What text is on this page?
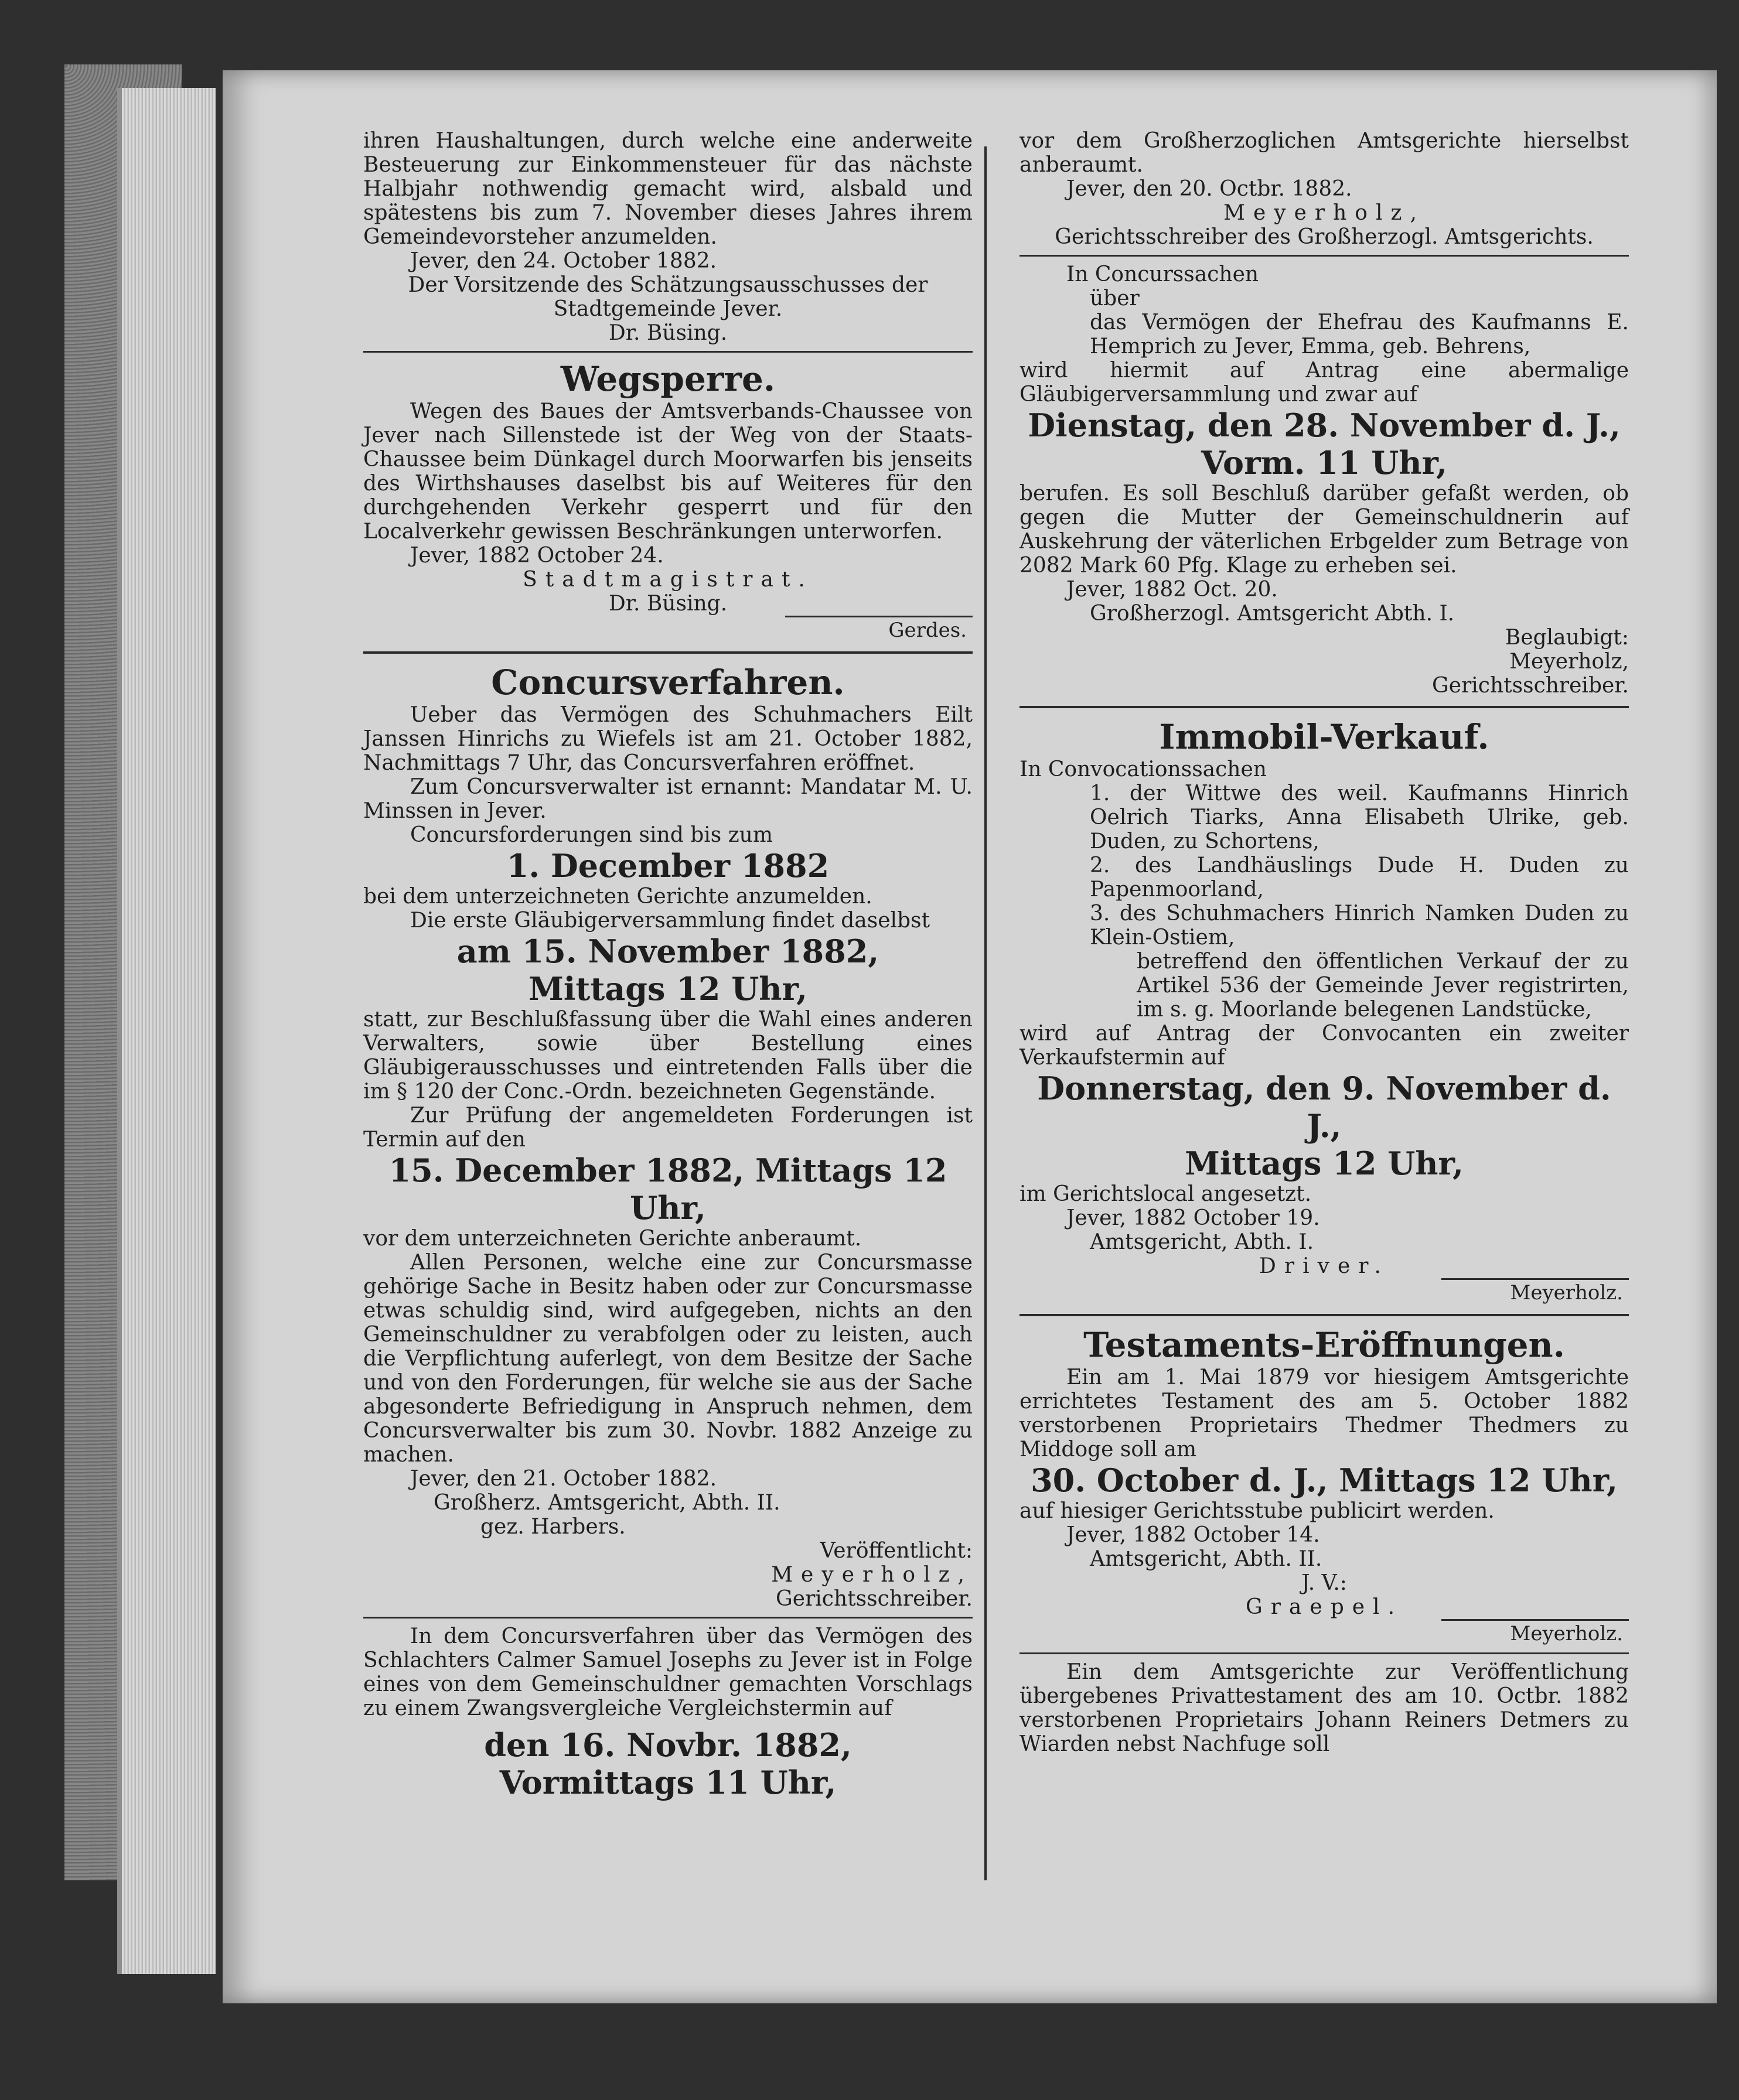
ihren Haushaltungen, durch welche eine anderweite Besteuerung zur Einkommensteuer für das nächste Halbjahr nothwendig gemacht wird, alsbald und spätestens bis zum 7. November dieses Jahres ihrem Gemeindevorsteher anzumelden.

Jever, den 24. October 1882.

Der Vorsitzende des Schätzungsausschusses der

Stadtgemeinde Jever.

Dr. Büsing.

Wegsperre.

Wegen des Baues der Amtsverbands-Chaussee von Jever nach Sillenstede ist der Weg von der Staats-Chaussee beim Dünkagel durch Moorwarfen bis jenseits des Wirthshauses daselbst bis auf Weiteres für den durchgehenden Verkehr gesperrt und für den Localverkehr gewissen Beschränkungen unterworfen.

Jever, 1882 October 24.

Stadtmagistrat.

Dr. Büsing.

Gerdes.
Concursverfahren.

Ueber das Vermögen des Schuhmachers Eilt Janssen Hinrichs zu Wiefels ist am 21. October 1882, Nachmittags 7 Uhr, das Concursverfahren eröffnet.

Zum Concursverwalter ist ernannt: Mandatar M. U. Minssen in Jever.

Concursforderungen sind bis zum

1. December 1882

bei dem unterzeichneten Gerichte anzumelden.

Die erste Gläubigerversammlung findet daselbst

am 15. November 1882,
Mittags 12 Uhr,

statt, zur Beschlußfassung über die Wahl eines anderen Verwalters, sowie über Bestellung eines Gläubigerausschusses und eintretenden Falls über die im § 120 der Conc.-Ordn. bezeichneten Gegenstände.

Zur Prüfung der angemeldeten Forderungen ist Termin auf den

15. December 1882, Mittags 12 Uhr,

vor dem unterzeichneten Gerichte anberaumt.

Allen Personen, welche eine zur Concursmasse gehörige Sache in Besitz haben oder zur Concursmasse etwas schuldig sind, wird aufgegeben, nichts an den Gemeinschuldner zu verabfolgen oder zu leisten, auch die Verpflichtung auferlegt, von dem Besitze der Sache und von den Forderungen, für welche sie aus der Sache abgesonderte Befriedigung in Anspruch nehmen, dem Concursverwalter bis zum 30. Novbr. 1882 Anzeige zu machen.

Jever, den 21. October 1882.

Großherz. Amtsgericht, Abth. II.

gez. Harbers.

Veröffentlicht:

Meyerholz,

Gerichtsschreiber.

In dem Concursverfahren über das Vermögen des Schlachters Calmer Samuel Josephs zu Jever ist in Folge eines von dem Gemeinschuldner gemachten Vorschlags zu einem Zwangsvergleiche Vergleichstermin auf

den 16. Novbr. 1882,
Vormittags 11 Uhr,

vor dem Großherzoglichen Amtsgerichte hierselbst anberaumt.

Jever, den 20. Octbr. 1882.

Meyerholz,

Gerichtsschreiber des Großherzogl. Amtsgerichts.

In Concurssachen

über

das Vermögen der Ehefrau des Kaufmanns E. Hemprich zu Jever, Emma, geb. Behrens,

wird hiermit auf Antrag eine abermalige Gläubigerversammlung und zwar auf

Dienstag, den 28. November d. J.,
Vorm. 11 Uhr,

berufen. Es soll Beschluß darüber gefaßt werden, ob gegen die Mutter der Gemeinschuldnerin auf Auskehrung der väterlichen Erbgelder zum Betrage von 2082 Mark 60 Pfg. Klage zu erheben sei.

Jever, 1882 Oct. 20.

Großherzogl. Amtsgericht Abth. I.

Beglaubigt:

Meyerholz,

Gerichtsschreiber.

Immobil-Verkauf.

In Convocationssachen

1. der Wittwe des weil. Kaufmanns Hinrich Oelrich Tiarks, Anna Elisabeth Ulrike, geb. Duden, zu Schortens,

2. des Landhäuslings Dude H. Duden zu Papenmoorland,

3. des Schuhmachers Hinrich Namken Duden zu Klein-Ostiem,

betreffend den öffentlichen Verkauf der zu Artikel 536 der Gemeinde Jever registrirten, im s. g. Moorlande belegenen Landstücke,

wird auf Antrag der Convocanten ein zweiter Verkaufstermin auf

Donnerstag, den 9. November d. J.,
Mittags 12 Uhr,

im Gerichtslocal angesetzt.

Jever, 1882 October 19.

Amtsgericht, Abth. I.

Driver.

Meyerholz.
Testaments-Eröffnungen.

Ein am 1. Mai 1879 vor hiesigem Amtsgerichte errichtetes Testament des am 5. October 1882 verstorbenen Proprietairs Thedmer Thedmers zu Middoge soll am

30. October d. J., Mittags 12 Uhr,

auf hiesiger Gerichtsstube publicirt werden.

Jever, 1882 October 14.

Amtsgericht, Abth. II.

J. V.:

Graepel.

Meyerholz.

Ein dem Amtsgerichte zur Veröffentlichung übergebenes Privattestament des am 10. Octbr. 1882 verstorbenen Proprietairs Johann Reiners Detmers zu Wiarden nebst Nachfuge soll
